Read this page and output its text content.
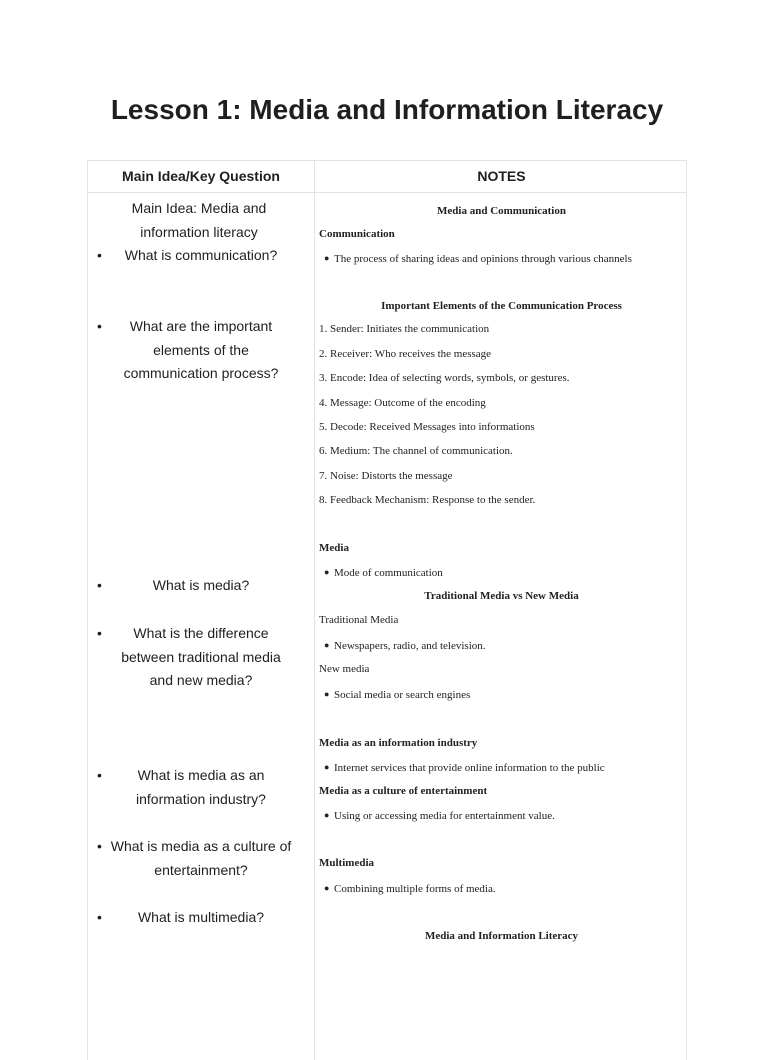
Lesson 1: Media and Information Literacy
Main Idea/Key Question	NOTES
Main Idea: Media and information literacy
•	What is communication?
•	What are the important elements of the communication process?
•	What is media?
•	What is the difference between traditional media and new media?
•	What is media as an information industry?
• What is media as a culture of entertainment?
•	What is multimedia?
Media and Communication
Communication
● The process of sharing ideas and opinions through various channels
Important Elements of the Communication Process
1. Sender: Initiates the communication
2. Receiver: Who receives the message
3. Encode: Idea of selecting words, symbols, or gestures.
4. Message: Outcome of the encoding
5. Decode: Received Messages into informations
6. Medium: The channel of communication.
7. Noise: Distorts the message
8. Feedback Mechanism: Response to the sender.
Media
● Mode of communication
Traditional Media vs New Media
Traditional Media
● Newspapers, radio, and television.
New media
● Social media or search engines
Media as an information industry
● Internet services that provide online information to the public
Media as a culture of entertainment
● Using or accessing media for entertainment value.
Multimedia
● Combining multiple forms of media.
Media and Information Literacy
